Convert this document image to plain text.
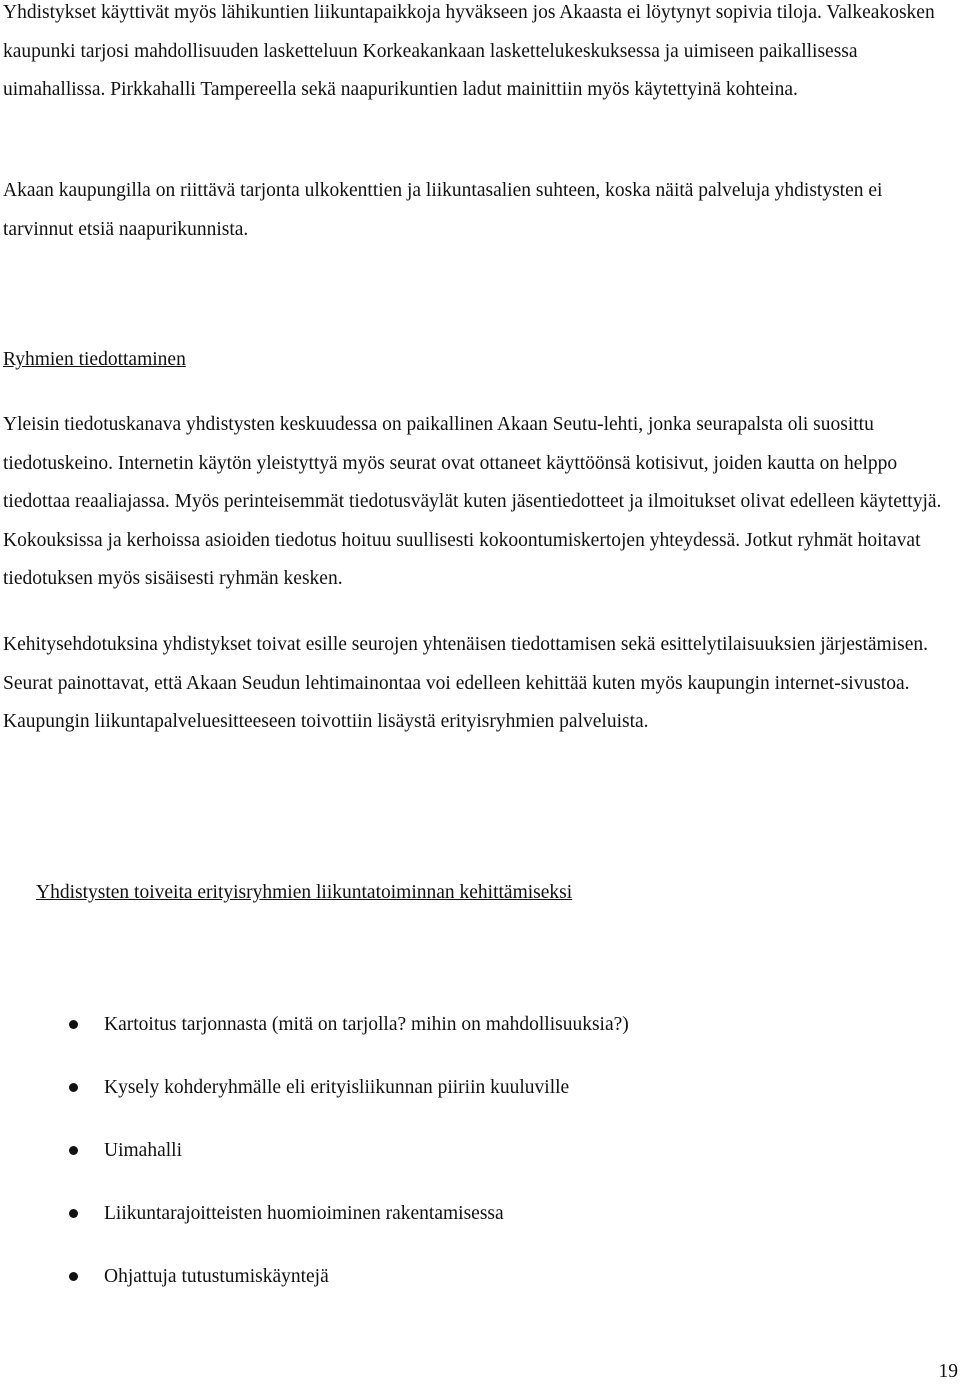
Yhdistykset käyttivät myös lähikuntien liikuntapaikkoja hyväkseen jos Akaasta ei löytynyt sopivia tiloja. Valkeakosken kaupunki tarjosi mahdollisuuden lasketteluun Korkeakankaan laskettelukeskuksessa ja uimiseen paikallisessa uimahallissa. Pirkkahalli Tampereella sekä naapurikuntien ladut mainittiin myös käytettyinä kohteina.

Akaan kaupungilla on riittävä tarjonta ulkokenttien ja liikuntasalien suhteen, koska näitä palveluja yhdistysten ei tarvinnut etsiä naapurikunnista.

Ryhmien tiedottaminen

Yleisin tiedotuskanava yhdistysten keskuudessa on paikallinen Akaan Seutu-lehti, jonka seurapalsta oli suosittu tiedotuskeino. Internetin käytön yleistyttyä myös seurat ovat ottaneet käyttöönsä kotisivut, joiden kautta on helppo tiedottaa reaaliajassa. Myös perinteisemmät tiedotusväylät kuten jäsentiedotteet ja ilmoitukset olivat edelleen käytettyjä. Kokouksissa ja kerhoissa asioiden tiedotus hoituu suullisesti kokoontumiskertojen yhteydessä. Jotkut ryhmät hoitavat tiedotuksen myös sisäisesti ryhmän kesken.

Kehitysehdotuksina yhdistykset toivat esille seurojen yhtenäisen tiedottamisen sekä esittelytilaisuuksien järjestämisen. Seurat painottavat, että Akaan Seudun lehtimainontaa voi edelleen kehittää kuten myös kaupungin internet-sivustoa. Kaupungin liikuntapalveluesitteeseen toivottiin lisäystä erityisryhmien palveluista.

Yhdistysten toiveita erityisryhmien liikuntatoiminnan kehittämiseksi

Kartoitus tarjonnasta (mitä on tarjolla? mihin on mahdollisuuksia?)
Kysely kohderyhmälle eli erityisliikunnan piiriin kuuluville
Uimahalli
Liikuntarajoitteisten huomioiminen rakentamisessa
Ohjattuja tutustumiskäyntejä
19
